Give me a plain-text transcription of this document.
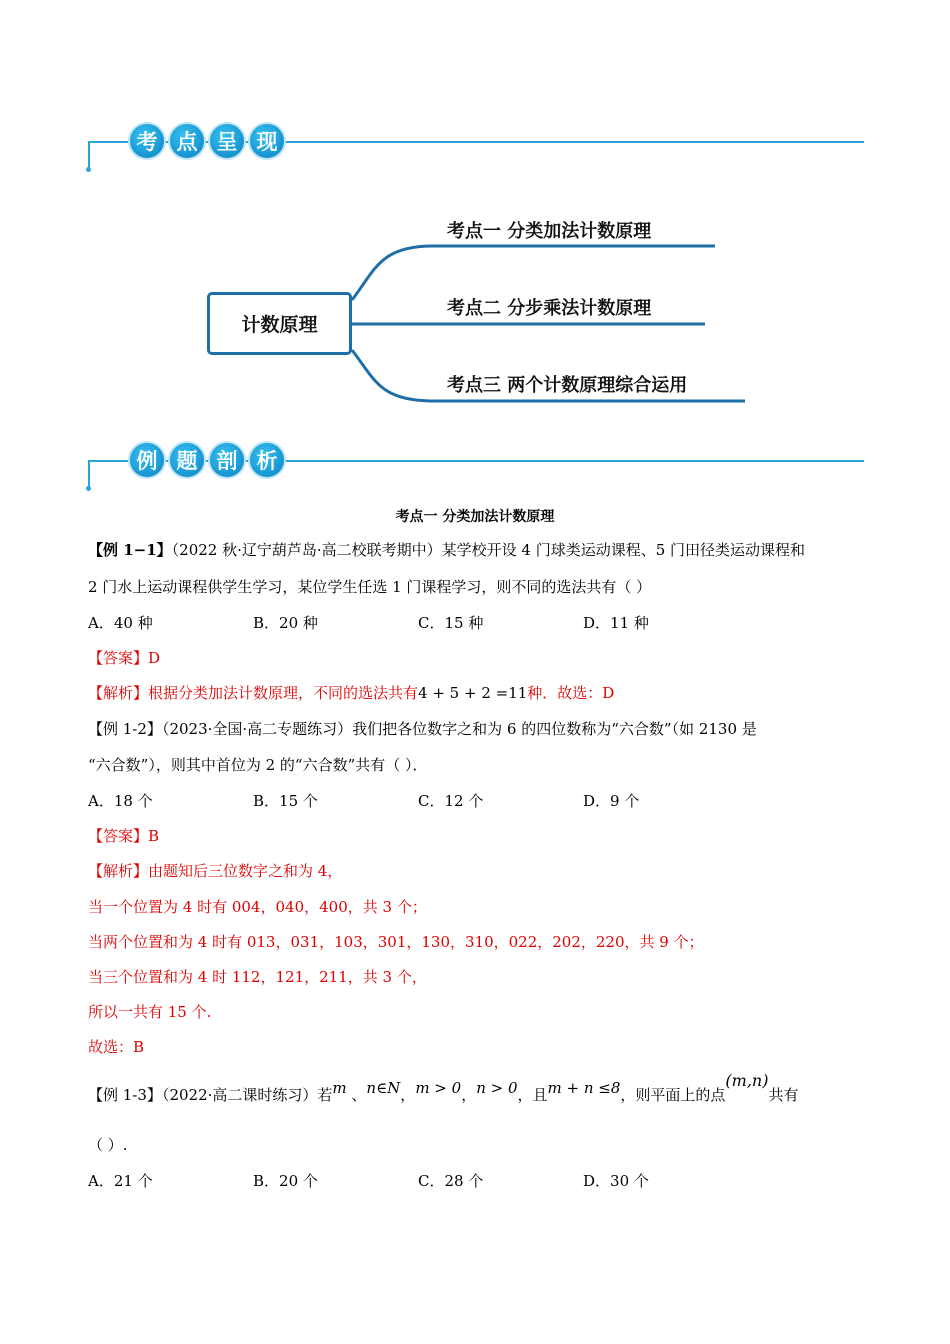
考 点 呈 现
计数原理
考点一 分类加法计数原理
考点二 分步乘法计数原理
考点三 两个计数原理综合运用
例 题 剖 析
考点一 分类加法计数原理
【例 1−1】（2022 秋·辽宁葫芦岛·高二校联考期中）某学校开设 4 门球类运动课程、5 门田径类运动课程和
2 门水上运动课程供学生学习，某位学生任选 1 门课程学习，则不同的选法共有（ ）
A．40 种	B．20 种	C．15 种	D．11 种
【答案】D
【解析】根据分类加法计数原理，不同的选法共有4 + 5 + 2 =11种．故选：D
【例 1-2】（2023·全国·高二专题练习）我们把各位数字之和为 6 的四位数称为“六合数”（如 2130 是
“六合数”），则其中首位为 2 的“六合数”共有（ ）．
A．18 个	B．15 个	C．12 个	D．9 个
【答案】B
【解析】由题知后三位数字之和为 4，
当一个位置为 4 时有 004，040，400，共 3 个；
当两个位置和为 4 时有 013，031，103，301，130，310，022，202，220，共 9 个；
当三个位置和为 4 时 112，121，211，共 3 个，
所以一共有 15 个.
故选：B
【例 1-3】（2022·高二课时练习）若m 、n∈N，m > 0，n > 0，且m + n ≤8，则平面上的点(m,n)共有
（ ）.
A．21 个	B．20 个	C．28 个	D．30 个
